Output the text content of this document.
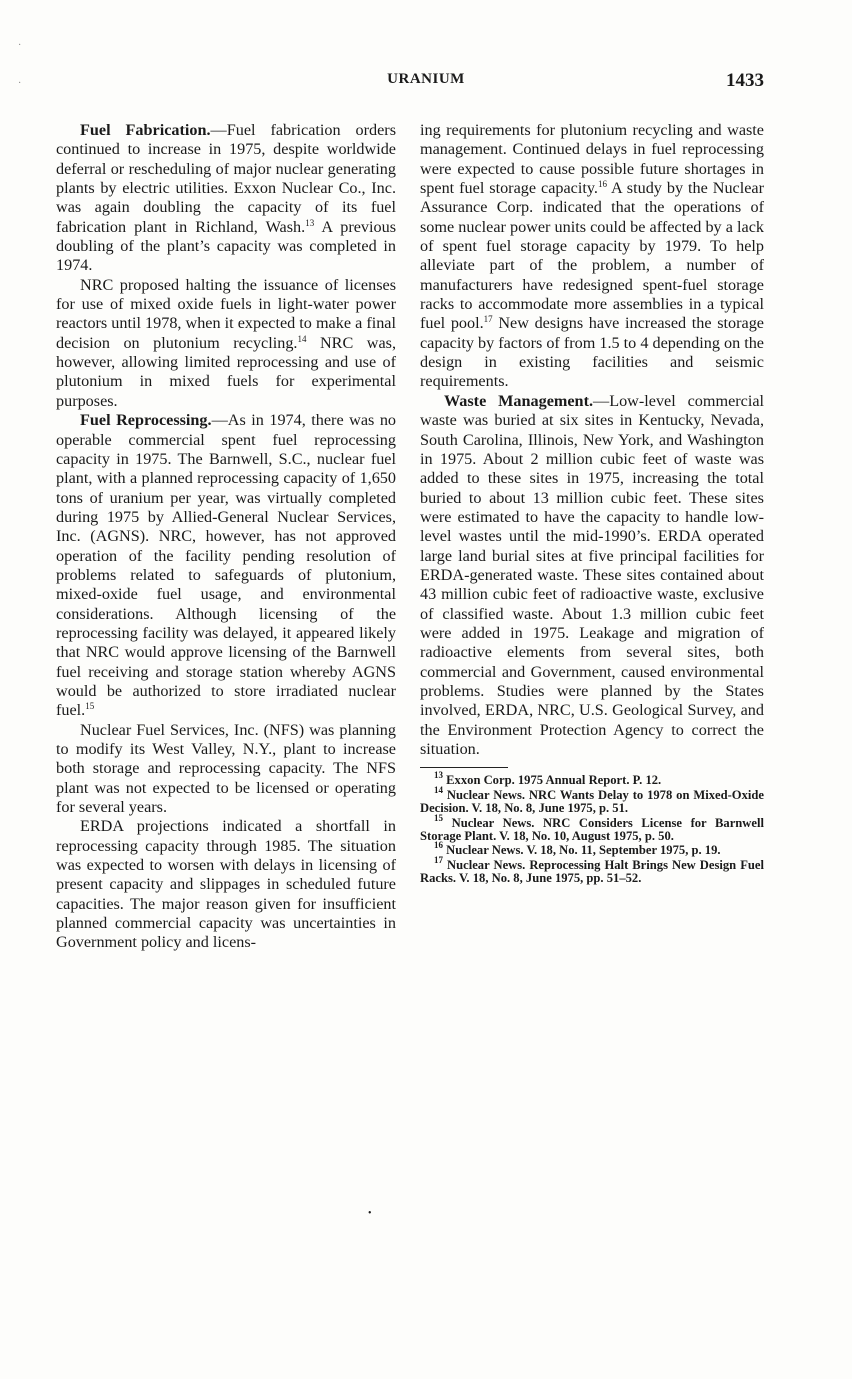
URANIUM	1433

Fuel Fabrication.—Fuel fabrication orders continued to increase in 1975, despite worldwide deferral or rescheduling of major nuclear generating plants by electric utilities. Exxon Nuclear Co., Inc. was again doubling the capacity of its fuel fabrication plant in Richland, Wash.$^{13}$ A previous doubling of the plant’s capacity was completed in 1974.

NRC proposed halting the issuance of licenses for use of mixed oxide fuels in light-water power reactors until 1978, when it expected to make a final decision on plutonium recycling.$^{14}$ NRC was, however, allowing limited reprocessing and use of plutonium in mixed fuels for experimental purposes.

Fuel Reprocessing.—As in 1974, there was no operable commercial spent fuel reprocessing capacity in 1975. The Barnwell, S.C., nuclear fuel plant, with a planned reprocessing capacity of 1,650 tons of uranium per year, was virtually completed during 1975 by Allied-General Nuclear Services, Inc. (AGNS). NRC, however, has not approved operation of the facility pending resolution of problems related to safeguards of plutonium, mixed-oxide fuel usage, and environmental considerations. Although licensing of the reprocessing facility was delayed, it appeared likely that NRC would approve licensing of the Barnwell fuel receiving and storage station whereby AGNS would be authorized to store irradiated nuclear fuel.$^{15}$

Nuclear Fuel Services, Inc. (NFS) was planning to modify its West Valley, N.Y., plant to increase both storage and reprocessing capacity. The NFS plant was not expected to be licensed or operating for several years.

ERDA projections indicated a shortfall in reprocessing capacity through 1985. The situation was expected to worsen with delays in licensing of present capacity and slippages in scheduled future capacities. The major reason given for insufficient planned commercial capacity was uncertainties in Government policy and licens-

ing requirements for plutonium recycling and waste management. Continued delays in fuel reprocessing were expected to cause possible future shortages in spent fuel storage capacity.$^{16}$ A study by the Nuclear Assurance Corp. indicated that the operations of some nuclear power units could be affected by a lack of spent fuel storage capacity by 1979. To help alleviate part of the problem, a number of manufacturers have redesigned spent-fuel storage racks to accommodate more assemblies in a typical fuel pool.$^{17}$ New designs have increased the storage capacity by factors of from 1.5 to 4 depending on the design in existing facilities and seismic requirements.

Waste Management.—Low-level commercial waste was buried at six sites in Kentucky, Nevada, South Carolina, Illinois, New York, and Washington in 1975. About 2 million cubic feet of waste was added to these sites in 1975, increasing the total buried to about 13 million cubic feet. These sites were estimated to have the capacity to handle low-level wastes until the mid-1990’s. ERDA operated large land burial sites at five principal facilities for ERDA-generated waste. These sites contained about 43 million cubic feet of radioactive waste, exclusive of classified waste. About 1.3 million cubic feet were added in 1975. Leakage and migration of radioactive elements from several sites, both commercial and Government, caused environmental problems. Studies were planned by the States involved, ERDA, NRC, U.S. Geological Survey, and the Environment Protection Agency to correct the situation.

$^{13}$ Exxon Corp. 1975 Annual Report. P. 12.

$^{14}$ Nuclear News. NRC Wants Delay to 1978 on Mixed-Oxide Decision. V. 18, No. 8, June 1975, p. 51.

$^{15}$ Nuclear News. NRC Considers License for Barnwell Storage Plant. V. 18, No. 10, August 1975, p. 50.

$^{16}$ Nuclear News. V. 18, No. 11, September 1975, p. 19.

$^{17}$ Nuclear News. Reprocessing Halt Brings New Design Fuel Racks. V. 18, No. 8, June 1975, pp. 51–52.

•
·
·
